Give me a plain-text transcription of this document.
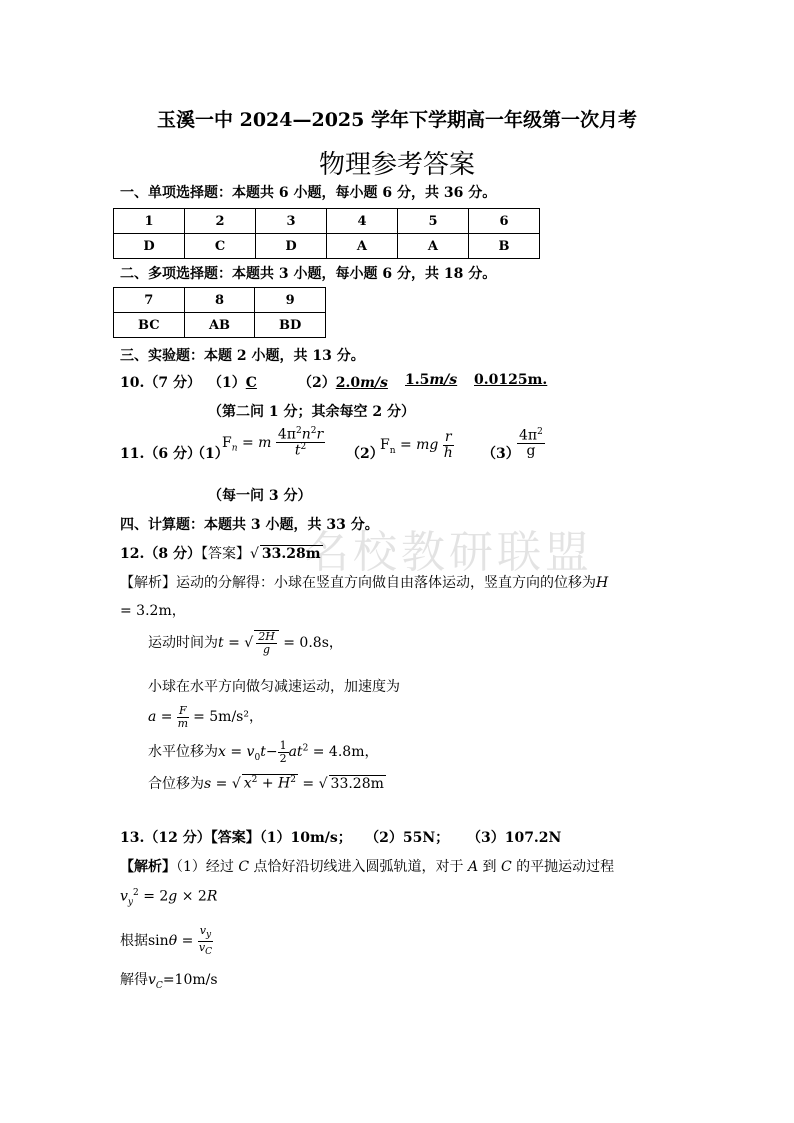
玉溪一中 2024—2025 学年下学期高一年级第一次月考
物理参考答案
名校教研联盟
一、单项选择题：本题共 6 小题，每小题 6 分，共 36 分。
1	2	3	4	5	6
D	C	D	A	A	B
二、多项选择题：本题共 3 小题，每小题 6 分，共 18 分。
7	8	9
BC	AB	BD
三、实验题：本题 2 小题，共 13 分。
10.（7 分） （1）C	（2）2.0m/s 1.5m/s 0.0125m.
（第二问 1 分；其余每空 2 分）
11.（6 分）
（1）
$F_n = m \frac{4\pi^2n^2r}{t^2} (2)$
$F_n$ = mg $\frac{r}{h} (3)$
$\frac{4\pi^2}{g}$
（每一问 3 分）
四、计算题：本题共 3 小题，共 33 分。
12.（8 分）【答案】√ 33.28m
【解析】运动的分解得：小球在竖直方向做自由落体运动，竖直方向的位移为H
= 3.2m，
运动时间为t = √ $\frac{2H}{g} = 0.8s$，
小球在水平方向做匀减速运动，加速度为
$a = \frac{F}{m} = 5m/s^2$，
水平位移为$x = v_0t- \frac{1}{2} at^2 = 4.8m$，
合位移为s = √ $x^2 + H^2$ = √ 33.28m
13.（12 分）【答案】（1）10m/s； （2）55N； （3）107.2N
【解析】（1）经过 C 点恰好沿切线进入圆弧轨道，对于 A 到 C 的平抛运动过程
$v_y^2 = 2g \times 2R$
根据$\sin\theta = \frac{v_y}{v_C}$
解得$v_C=10m/s$
